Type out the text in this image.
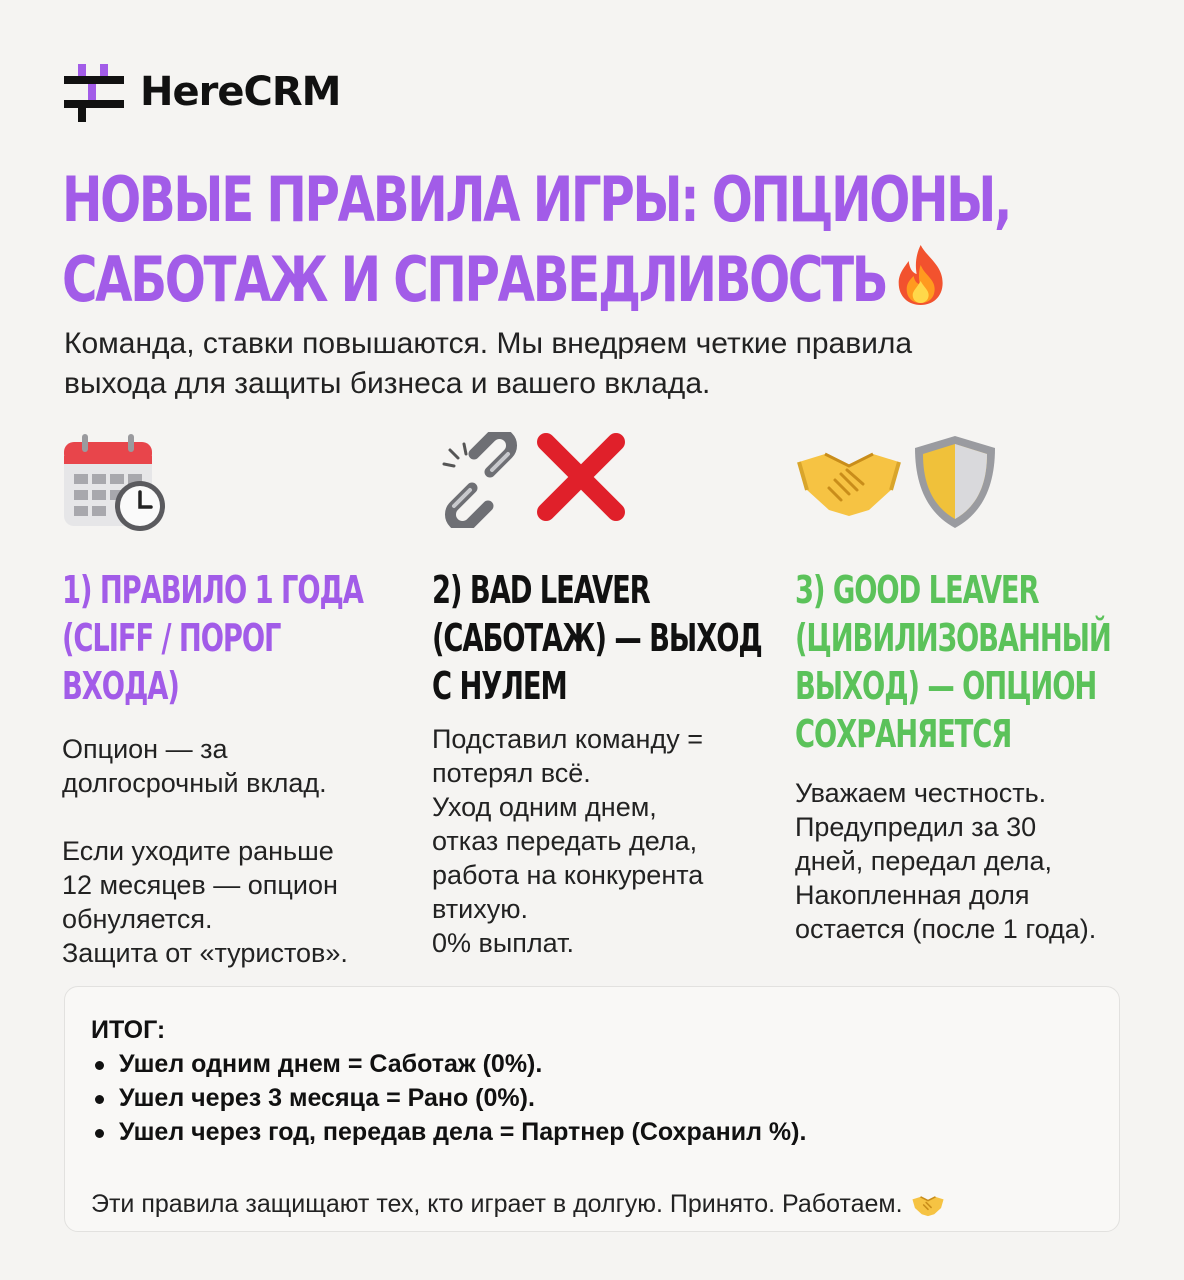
HereCRM
НОВЫЕ ПРАВИЛА ИГРЫ: ОПЦИОНЫ,
САБОТАЖ И СПРАВЕДЛИВОСТЬ

Команда, ставки повышаются. Мы внедряем четкие правила
выхода для защиты бизнеса и вашего вклада.

1) ПРАВИЛО 1 ГОДА
(CLIFF / ПОРОГ ВХОДА)

Опцион — за
долгосрочный вклад.

Если уходите раньше
12 месяцев — опцион
обнуляется.
Защита от «туристов».

2) BAD LEAVER
(САБОТАЖ) — ВЫХОД
С НУЛЕМ

Подставил команду =
потерял всё.
Уход одним днем,
отказ передать дела,
работа на конкурента
втихую.
0% выплат.

3) GOOD LEAVER
(ЦИВИЛИЗОВАННЫЙ
ВЫХОД) — ОПЦИОН
СОХРАНЯЕТСЯ

Уважаем честность.
Предупредил за 30
дней, передал дела,
Накопленная доля
остается (после 1 года).

ИТОГ:
Ушел одним днем = Саботаж (0%).
Ушел через 3 месяца = Рано (0%).
Ушел через год, передав дела = Партнер (Сохранил %).
Эти правила защищают тех, кто играет в долгую. Принято. Работаем.
